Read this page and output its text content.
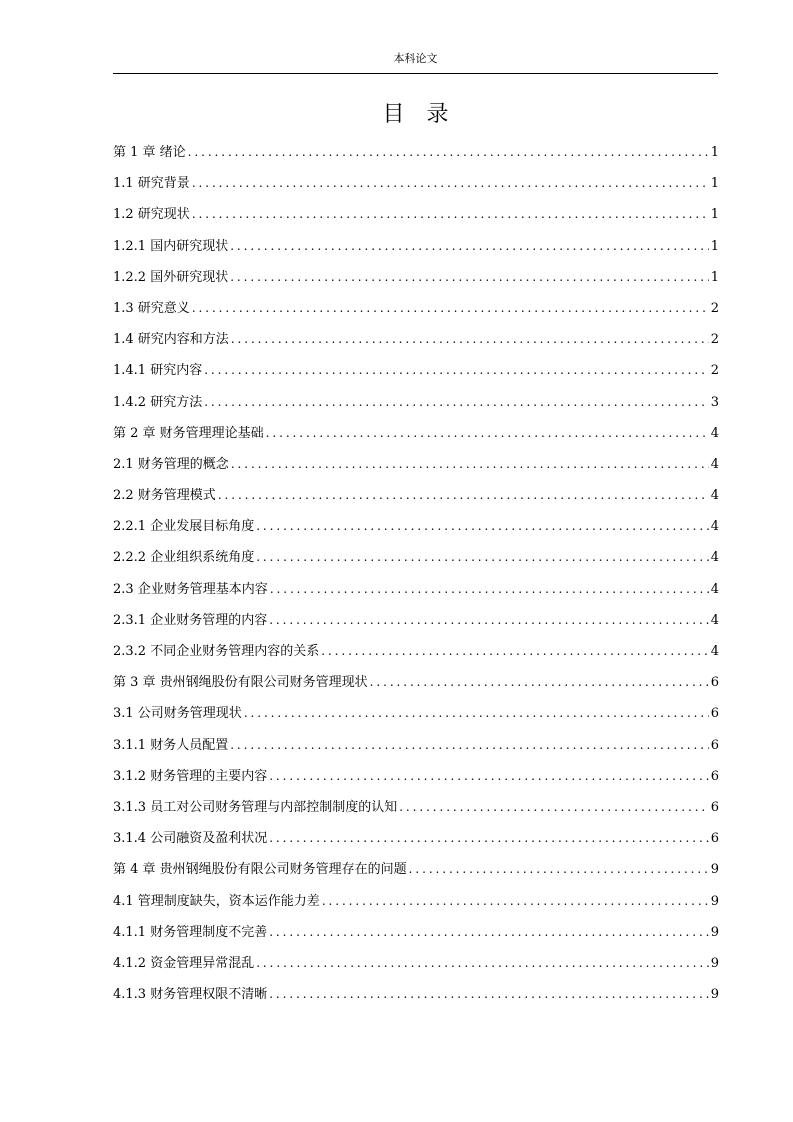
本科论文
目录
第 1 章 绪论 .....	1
1.1 研究背景 .....	1
1.2 研究现状 .....	1
1.2.1 国内研究现状 .....	1
1.2.2 国外研究现状 .....	1
1.3 研究意义 .....	2
1.4 研究内容和方法 .....	2
1.4.1 研究内容 .....	2
1.4.2 研究方法 .....	3
第 2 章 财务管理理论基础 .....	4
2.1 财务管理的概念 .....	4
2.2 财务管理模式 .....	4
2.2.1 企业发展目标角度 .....	4
2.2.2 企业组织系统角度 .....	4
2.3 企业财务管理基本内容 .....	4
2.3.1 企业财务管理的内容 .....	4
2.3.2 不同企业财务管理内容的关系 .....	4
第 3 章 贵州钢绳股份有限公司财务管理现状 .....	6
3.1 公司财务管理现状 .....	6
3.1.1 财务人员配置 .....	6
3.1.2 财务管理的主要内容 .....	6
3.1.3 员工对公司财务管理与内部控制制度的认知 .....	6
3.1.4 公司融资及盈利状况 .....	6
第 4 章 贵州钢绳股份有限公司财务管理存在的问题 .....	9
4.1 管理制度缺失，资本运作能力差 .....	9
4.1.1 财务管理制度不完善 .....	9
4.1.2 资金管理异常混乱 .....	9
4.1.3 财务管理权限不清晰 .....	9
